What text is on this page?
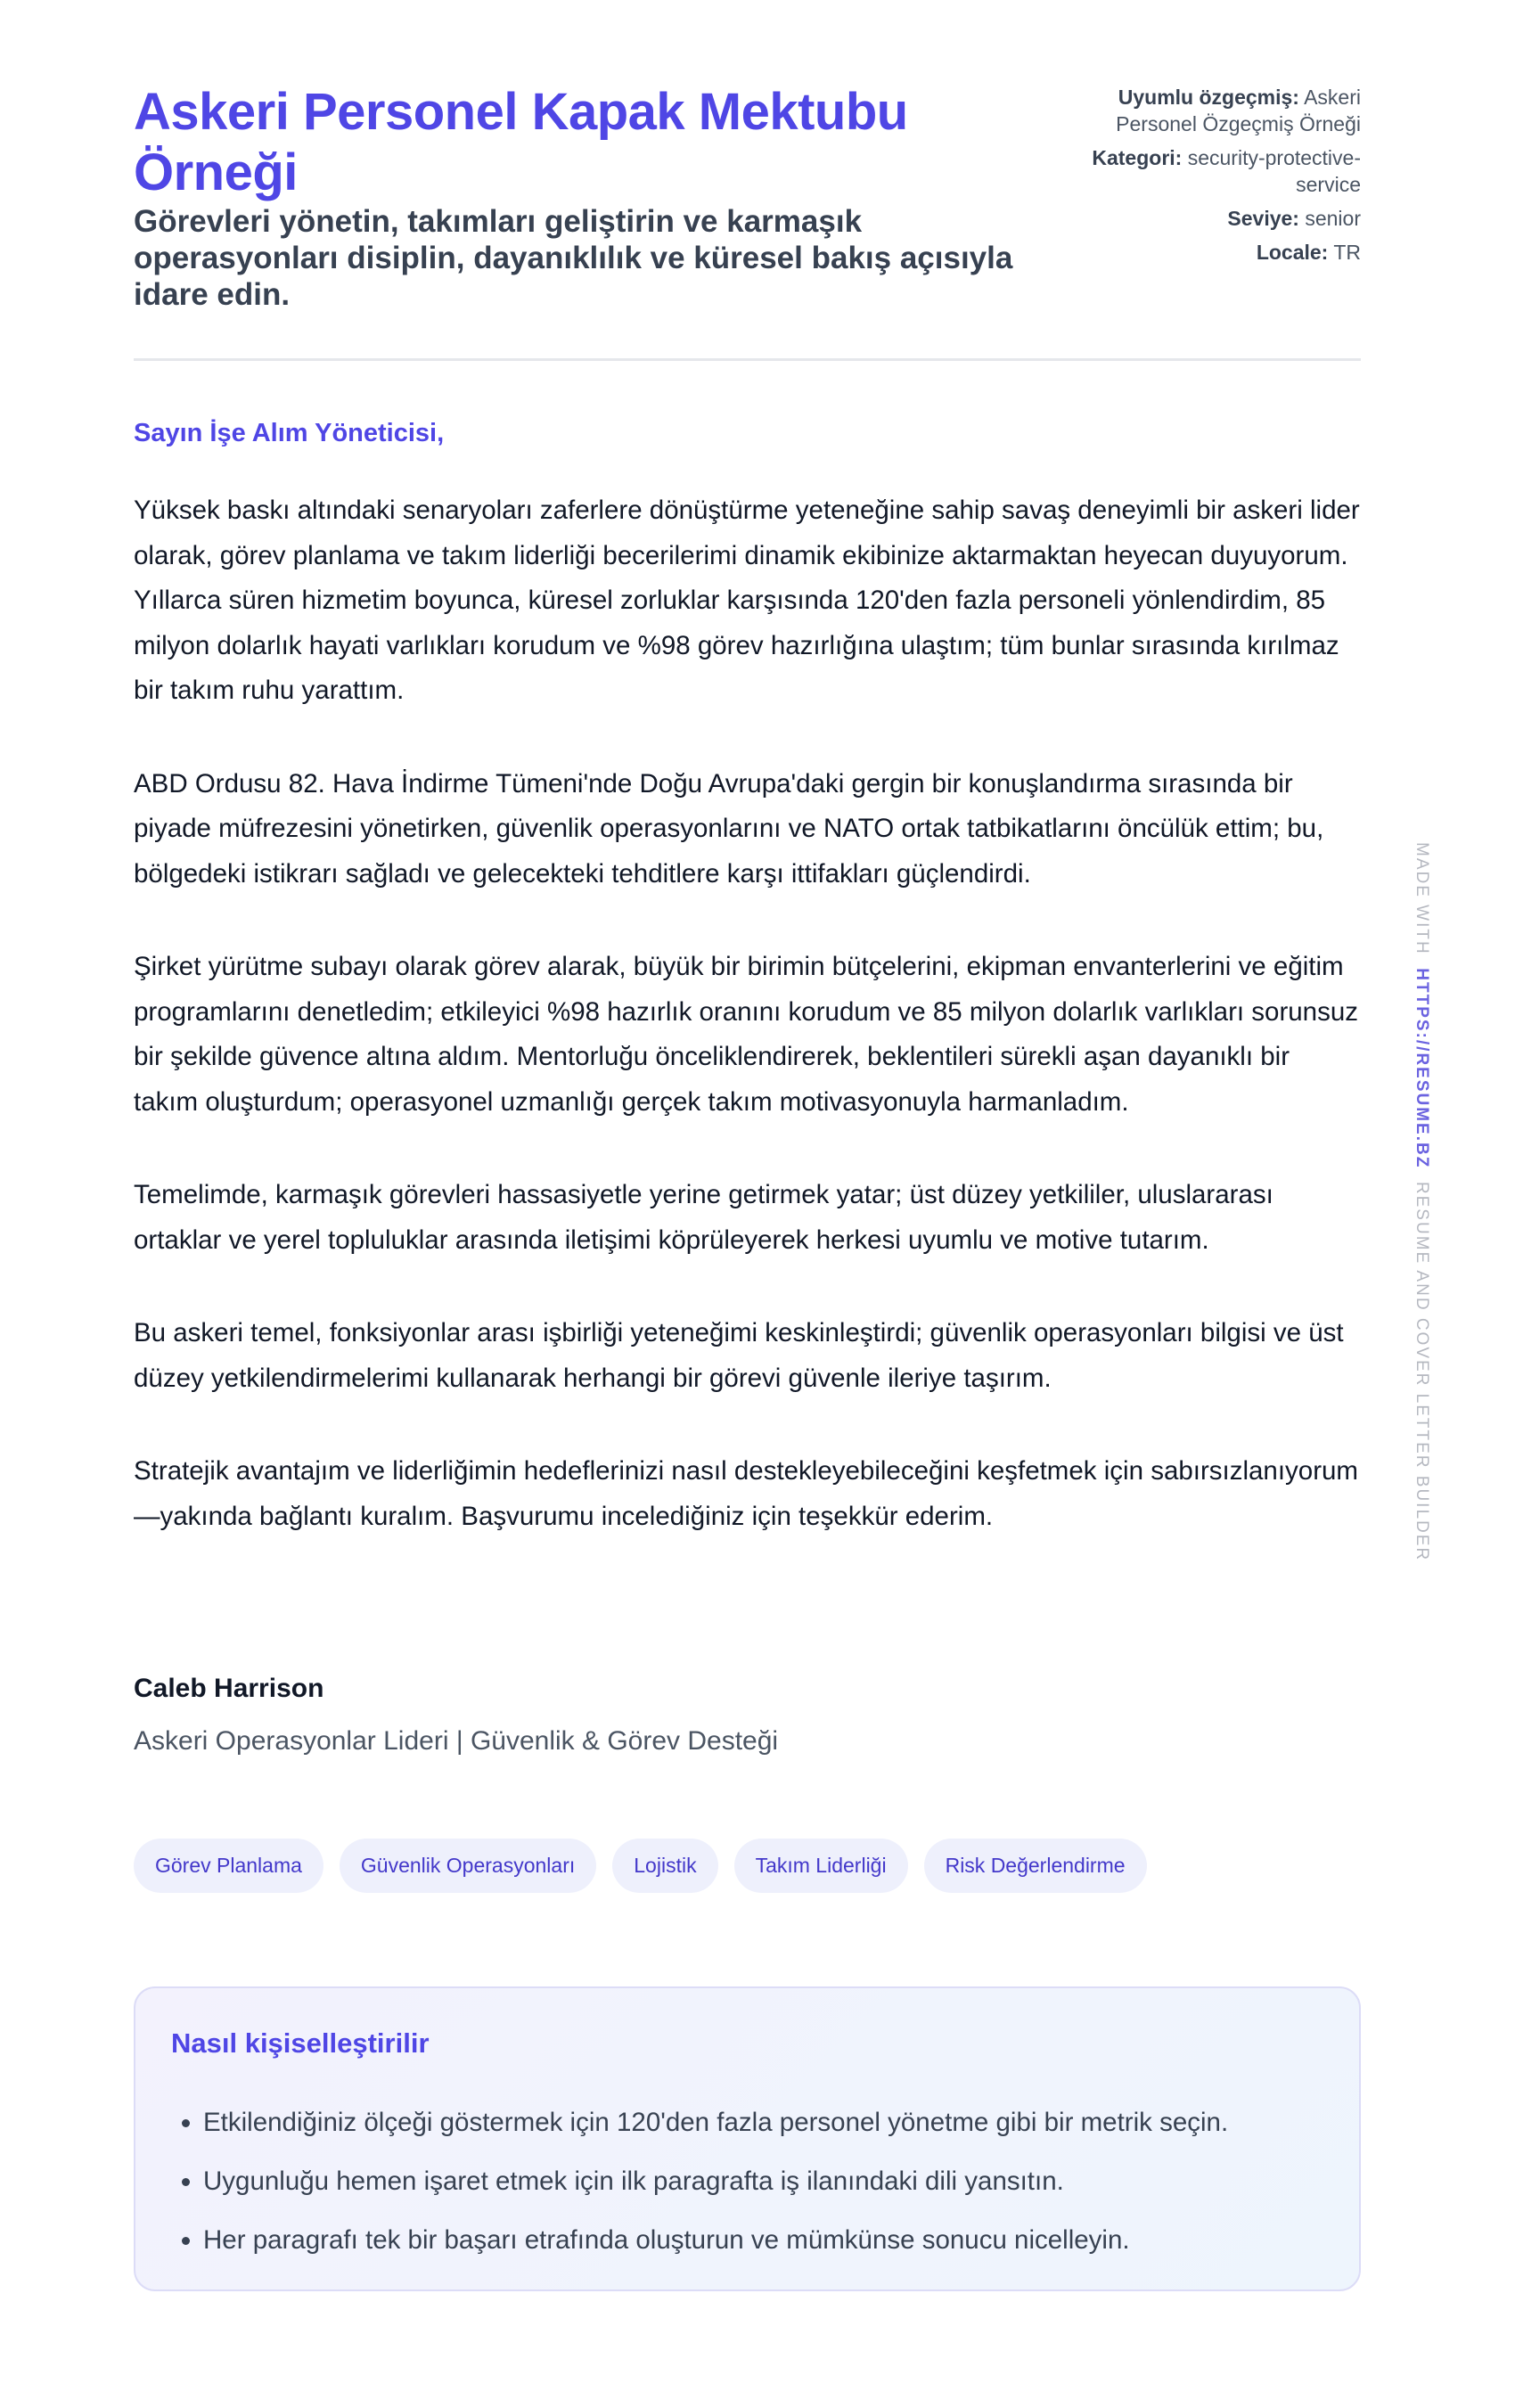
Askeri Personel Kapak Mektubu Örneği
Görevleri yönetin, takımları geliştirin ve karmaşık operasyonları disiplin, dayanıklılık ve küresel bakış açısıyla idare edin.
Uyumlu özgeçmiş: Askeri Personel Özgeçmiş Örneği
Kategori: security-protective-service
Seviye: senior
Locale: TR
Sayın İşe Alım Yöneticisi,

Yüksek baskı altındaki senaryoları zaferlere dönüştürme yeteneğine sahip savaş deneyimli bir askeri lider olarak, görev planlama ve takım liderliği becerilerimi dinamik ekibinize aktarmaktan heyecan duyuyorum. Yıllarca süren hizmetim boyunca, küresel zorluklar karşısında 120'den fazla personeli yönlendirdim, 85 milyon dolarlık hayati varlıkları korudum ve %98 görev hazırlığına ulaştım; tüm bunlar sırasında kırılmaz bir takım ruhu yarattım.

ABD Ordusu 82. Hava İndirme Tümeni'nde Doğu Avrupa'daki gergin bir konuşlandırma sırasında bir piyade müfrezesini yönetirken, güvenlik operasyonlarını ve NATO ortak tatbikatlarını öncülük ettim; bu, bölgedeki istikrarı sağladı ve gelecekteki tehditlere karşı ittifakları güçlendirdi.

Şirket yürütme subayı olarak görev alarak, büyük bir birimin bütçelerini, ekipman envanterlerini ve eğitim programlarını denetledim; etkileyici %98 hazırlık oranını korudum ve 85 milyon dolarlık varlıkları sorunsuz bir şekilde güvence altına aldım. Mentorluğu önceliklendirerek, beklentileri sürekli aşan dayanıklı bir takım oluşturdum; operasyonel uzmanlığı gerçek takım motivasyonuyla harmanladım.

Temelimde, karmaşık görevleri hassasiyetle yerine getirmek yatar; üst düzey yetkililer, uluslararası ortaklar ve yerel topluluklar arasında iletişimi köprüleyerek herkesi uyumlu ve motive tutarım.

Bu askeri temel, fonksiyonlar arası işbirliği yeteneğimi keskinleştirdi; güvenlik operasyonları bilgisi ve üst düzey yetkilendirmelerimi kullanarak herhangi bir görevi güvenle ileriye taşırım.

Stratejik avantajım ve liderliğimin hedeflerinizi nasıl destekleyebileceğini keşfetmek için sabırsızlanıyorum—yakında bağlantı kuralım. Başvurumu incelediğiniz için teşekkür ederim.

Caleb Harrison
Askeri Operasyonlar Lideri | Güvenlik & Görev Desteği
Görev Planlama	Güvenlik Operasyonları	Lojistik	Takım Liderliği	Risk Değerlendirme
Nasıl kişiselleştirilir
• Etkilendiğiniz ölçeği göstermek için 120'den fazla personel yönetme gibi bir metrik seçin.
• Uygunluğu hemen işaret etmek için ilk paragrafta iş ilanındaki dili yansıtın.
• Her paragrafı tek bir başarı etrafında oluşturun ve mümkünse sonucu nicelleyin.
MADE WITH  HTTPS://RESUME.BZ  RESUME AND COVER LETTER BUILDER
